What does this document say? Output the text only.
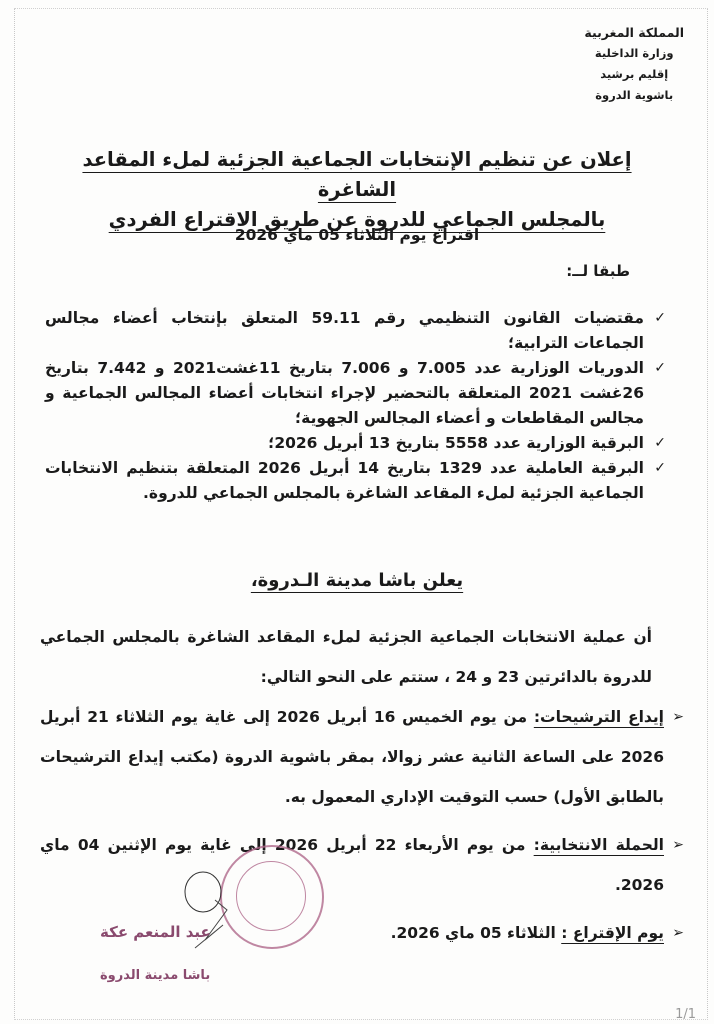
المملكة المغربية
وزارة الداخلية
إقليم برشيد
باشوية الدروة
إعلان عن تنظيم الإنتخابات الجماعية الجزئية لملء المقاعد الشاغرة
بالمجلس الجماعي للدروة عن طريق الاقتراع الفردي
اقتراع يوم الثلاثاء 05 ماي 2026
طبقا لــ:
✓
مقتضيات القانون التنظيمي رقم 59.11 المتعلق بإنتخاب أعضاء مجالس الجماعات الترابية؛
✓
الدوريات الوزارية عدد 7.005 و 7.006 بتاريخ 11غشت2021 و 7.442 بتاريخ 26غشت 2021 المتعلقة بالتحضير لإجراء انتخابات أعضاء المجالس الجماعية و مجالس المقاطعات و أعضاء المجالس الجهوية؛
✓
البرقية الوزارية عدد 5558 بتاريخ 13 أبريل 2026؛
✓
البرقية العاملية عدد 1329 بتاريخ 14 أبريل 2026 المتعلقة بتنظيم الانتخابات الجماعية الجزئية لملء المقاعد الشاغرة بالمجلس الجماعي للدروة.
يعلن باشا مدينة الـدروة،
أن عملية الانتخابات الجماعية الجزئية لملء المقاعد الشاغرة بالمجلس الجماعي للدروة بالدائرتين 23 و 24 ، ستتم على النحو التالي:
➢
إيداع الترشيحات: من يوم الخميس 16 أبريل 2026 إلى غاية يوم الثلاثاء 21 أبريل 2026 على الساعة الثانية عشر زوالا، بمقر باشوية الدروة (مكتب إيداع الترشيحات بالطابق الأول) حسب التوقيت الإداري المعمول به.
➢
الحملة الانتخابية: من يوم الأربعاء 22 أبريل 2026 إلى غاية يوم الإثنين 04 ماي 2026.
➢
يوم الإقتراع : الثلاثاء 05 ماي 2026.
عبد المنعم عكة
باشا مدينة الدروة
1/1
